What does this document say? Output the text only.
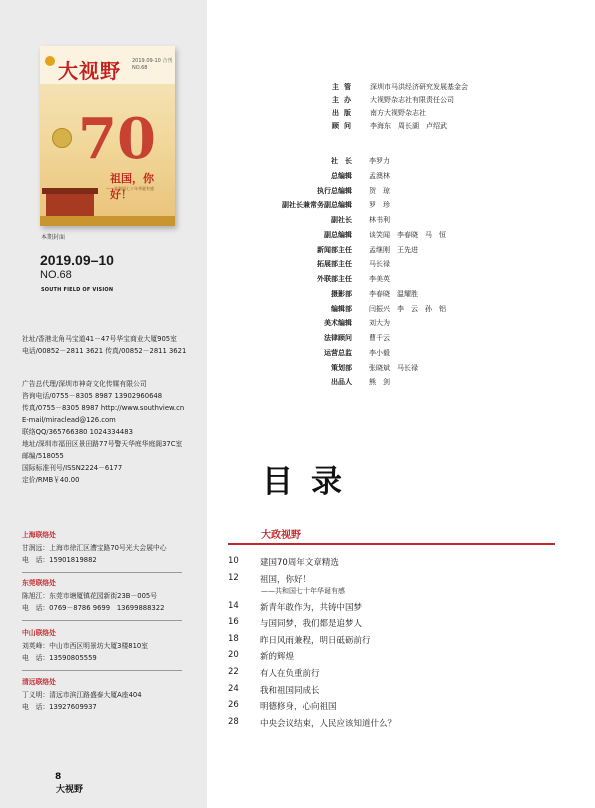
大视野 2019.09-10 合刊
NO.68
70
祖国，你好！
——共和国七十年华诞有感
本期封面
2019.09–10
NO.68
SOUTH FIELD OF VISION
社址/香港北角马宝道41－47号华宝商业大厦905室
电话/00852－2811 3621 传真/00852－2811 3621
广告总代理/深圳市神奇文化传媒有限公司
咨询电话/0755－8305 8987 13902960648
传真/0755－8305 8987 http://www.southview.cn
E-mail/miraclead@126.com
联络QQ/365766380 1024334483
地址/深圳市福田区景田路77号警天华庭华庭阁37C室
邮编/518055
国际标准刊号/ISSN2224－6177
定价/RMB￥40.00
上海联络处
甘润远：上海市徐汇区漕宝路70号光大会展中心
电　话：15901819882
东莞联络处
陈旭江：东莞市塘厦镇花园新街23B－005号
电　话：0769－8786 9699　13699888322
中山联络处
刘英峰：中山市西区明景坊大厦3楼810室
电　话：13590805559
清远联络处
丁义明：清远市滨江路盛泰大厦A座404
电　话：13927609937
8
大视野
主管 深圳市马洪经济研究发展基金会
主办 大视野杂志社有限责任公司
出版 南方大视野杂志社
顾问 李海东　周长湖　卢绍武
社　长 李罗力
总编辑 孟澳林
执行总编辑 贺　琼
副社长兼常务副总编辑 罗　珍
副社长 林书利
副总编辑 谈笑闻　李春晓　马　恒
新闻部主任 孟继刚　王先进
拓展部主任 马长禄
外联部主任 李美英
摄影部 李春晓　温耀胜
编辑部 闫振兴　李　云　孙　铝
美术编辑 刘大为
法律顾问 曹千云
运营总监 李小毅
策划部 张晓斌　马长禄
出品人 熊　剑
目录
大政视野
10	建国70周年文章精选
12	祖国，你好！
——共和国七十年华诞有感
14	新青年敢作为，共铸中国梦
16	与国同梦，我们都是追梦人
18	昨日风雨兼程，明日砥砺前行
20	新的辉煌
22	有人在负重前行
24	我和祖国同成长
26	明德修身，心向祖国
28	中央会议结束，人民应该知道什么？
